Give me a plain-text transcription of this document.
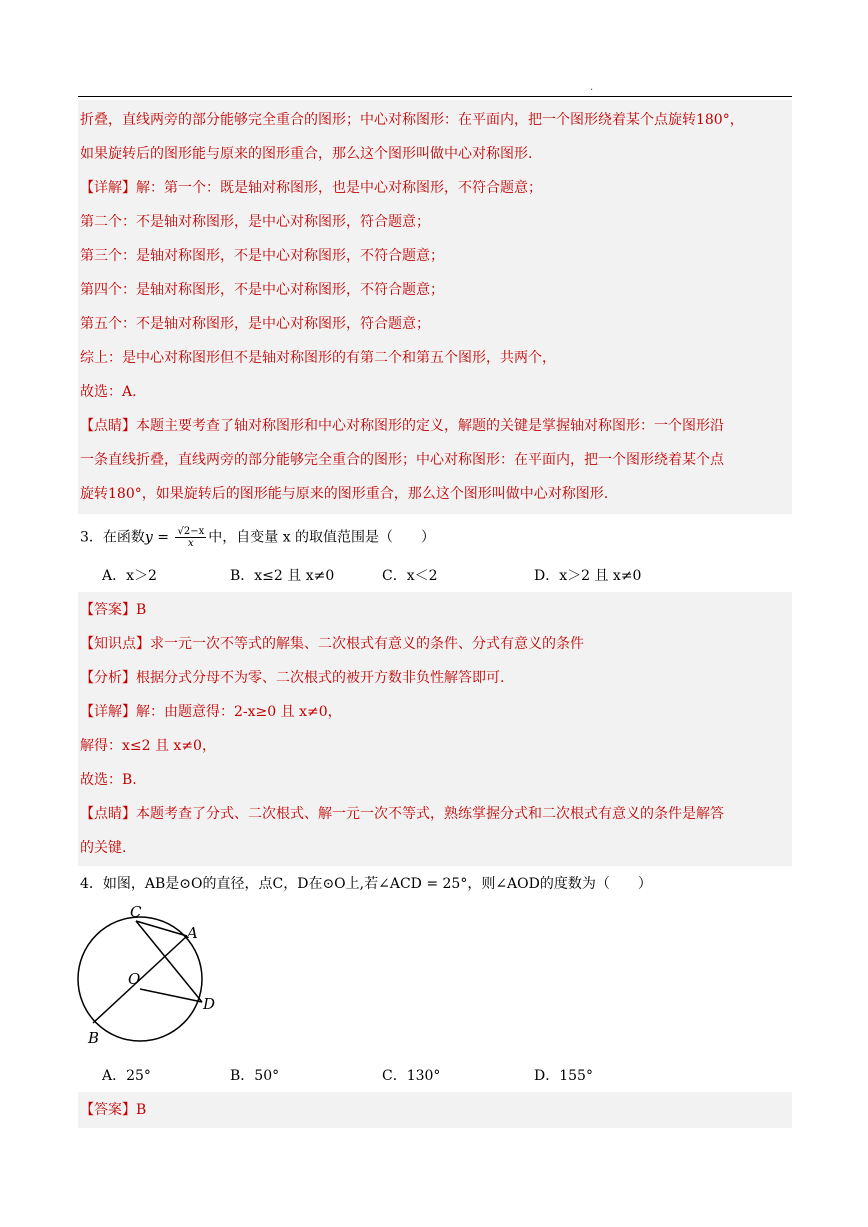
.
折叠，直线两旁的部分能够完全重合的图形；中心对称图形：在平面内，把一个图形绕着某个点旋转180°，
如果旋转后的图形能与原来的图形重合，那么这个图形叫做中心对称图形.
【详解】解：第一个：既是轴对称图形，也是中心对称图形，不符合题意；
第二个：不是轴对称图形，是中心对称图形，符合题意；
第三个：是轴对称图形，不是中心对称图形，不符合题意；
第四个：是轴对称图形，不是中心对称图形，不符合题意；
第五个：不是轴对称图形，是中心对称图形，符合题意；
综上：是中心对称图形但不是轴对称图形的有第二个和第五个图形，共两个，
故选：A.
【点睛】本题主要考查了轴对称图形和中心对称图形的定义，解题的关键是掌握轴对称图形：一个图形沿
一条直线折叠，直线两旁的部分能够完全重合的图形；中心对称图形：在平面内，把一个图形绕着某个点
旋转180°，如果旋转后的图形能与原来的图形重合，那么这个图形叫做中心对称图形.
3．在函数$y = \frac{√2-x}{x}$ 中，自变量 x 的取值范围是（　　）
A．x＞2	B．x≤2 且 x≠0	C．x＜2	D．x＞2 且 x≠0
【答案】B
【知识点】求一元一次不等式的解集、二次根式有意义的条件、分式有意义的条件
【分析】根据分式分母不为零、二次根式的被开方数非负性解答即可.
【详解】解：由题意得：2-x≥0 且 x≠0，
解得：x≤2 且 x≠0，
故选：B.
【点睛】本题考查了分式、二次根式、解一元一次不等式，熟练掌握分式和二次根式有意义的条件是解答
的关键.
4．如图，AB是⊙O的直径，点C，D在⊙O上,若∠ACD = 25°，则∠AOD的度数为（　　）
C
A
O
D
B
A．25°	B．50°	C．130°	D．155°
【答案】B
